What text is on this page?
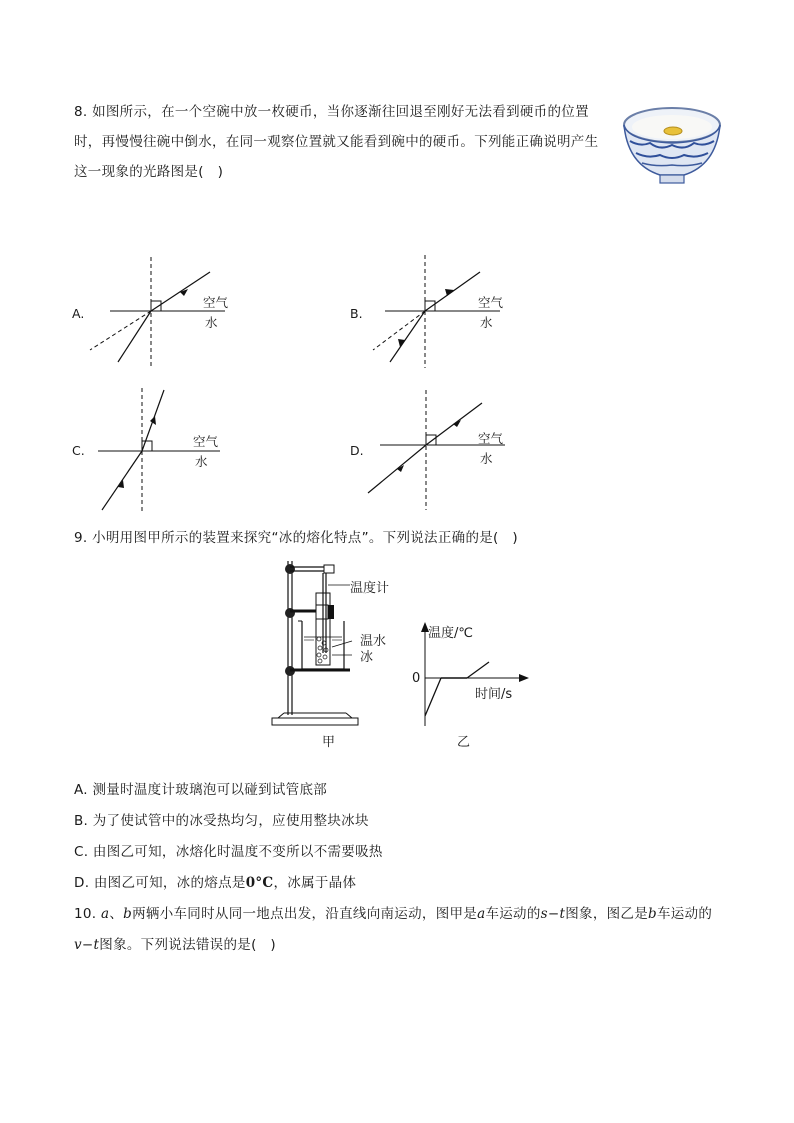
8. 如图所示，在一个空碗中放一枚硬币，当你逐渐往回退至刚好无法看到硬币的位置
时，再慢慢往碗中倒水，在同一观察位置就又能看到碗中的硬币。下列能正确说明产生
这一现象的光路图是(　)
A.
空气
水
B.
空气
水
C.
空气
水
D.
空气
水
9. 小明用图甲所示的装置来探究“冰的熔化特点”。下列说法正确的是(　)
温度计
温水
冰
甲
温度/℃
时间/s
0
乙
A. 测量时温度计玻璃泡可以碰到试管底部
B. 为了使试管中的冰受热均匀，应使用整块冰块
C. 由图乙可知，冰熔化时温度不变所以不需要吸热
D. 由图乙可知，冰的熔点是0°C，冰属于晶体
10. a、b两辆小车同时从同一地点出发，沿直线向南运动，图甲是a车运动的s−t图象，图乙是b车运动的
v−t图象。下列说法错误的是(　)
